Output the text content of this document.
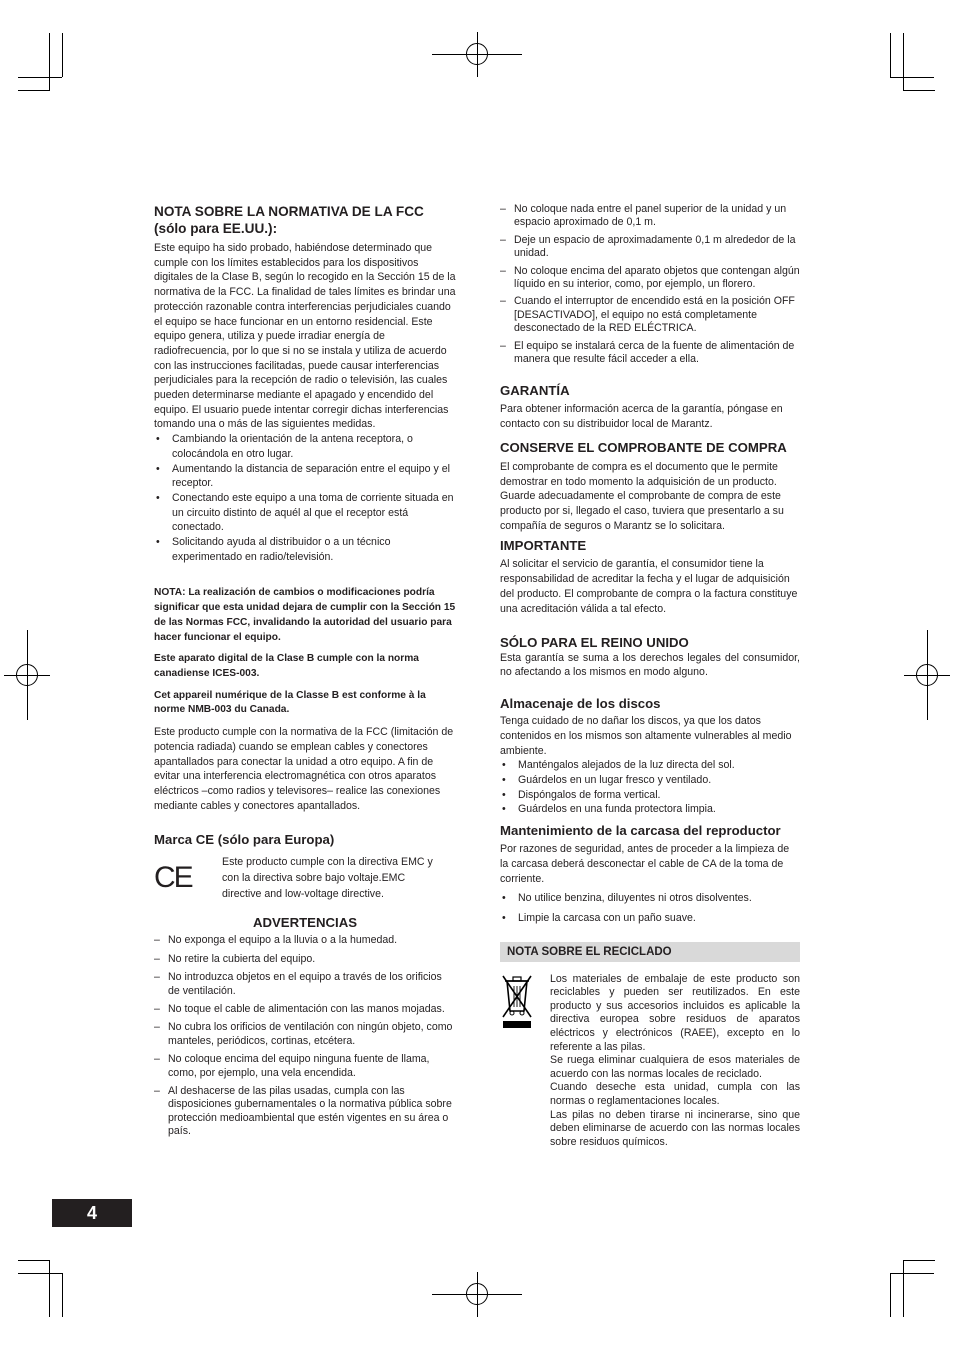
NOTA SOBRE LA NORMATIVA DE LA FCC (sólo para EE.UU.):

Este equipo ha sido probado, habiéndose determinado que cumple con los límites establecidos para los dispositivos digitales de la Clase B, según lo recogido en la Sección 15 de la normativa de la FCC. La finalidad de tales límites es brindar una protección razonable contra interferencias perjudiciales cuando el equipo se hace funcionar en un entorno residencial. Este equipo genera, utiliza y puede irradiar energía de radiofrecuencia, por lo que si no se instala y utiliza de acuerdo con las instrucciones facilitadas, puede causar interferencias perjudiciales para la recepción de radio o televisión, las cuales pueden determinarse mediante el apagado y encendido del equipo. El usuario puede intentar corregir dichas interferencias tomando una o más de las siguientes medidas.

• Cambiando la orientación de la antena receptora, o colocándola en otro lugar.
• Aumentando la distancia de separación entre el equipo y el receptor.
• Conectando este equipo a una toma de corriente situada en un circuito distinto de aquél al que el receptor está conectado.
• Solicitando ayuda al distribuidor o a un técnico experimentado en radio/televisión.

NOTA: La realización de cambios o modificaciones podría significar que esta unidad dejara de cumplir con la Sección 15 de las Normas FCC, invalidando la autoridad del usuario para hacer funcionar el equipo.

Este aparato digital de la Clase B cumple con la norma canadiense ICES-003.

Cet appareil numérique de la Classe B est conforme à la norme NMB-003 du Canada.

Este producto cumple con la normativa de la FCC (limitación de potencia radiada) cuando se emplean cables y conectores apantallados para conectar la unidad a otro equipo. A fin de evitar una interferencia electromagnética con otros aparatos eléctricos –como radios y televisores– realice las conexiones mediante cables y conectores apantallados.

Marca CE (sólo para Europa)
CE	Este producto cumple con la directiva EMC y con la directiva sobre bajo voltaje.EMC directive and low-voltage directive.

ADVERTENCIAS
– No exponga el equipo a la lluvia o a la humedad.
– No retire la cubierta del equipo.
– No introduzca objetos en el equipo a través de los orificios de ventilación.
– No toque el cable de alimentación con las manos mojadas.
– No cubra los orificios de ventilación con ningún objeto, como manteles, periódicos, cortinas, etcétera.
– No coloque encima del equipo ninguna fuente de llama, como, por ejemplo, una vela encendida.
– Al deshacerse de las pilas usadas, cumpla con las disposiciones gubernamentales o la normativa pública sobre protección medioambiental que estén vigentes en su área o país.
– No coloque nada entre el panel superior de la unidad y un espacio aproximado de 0,1 m.
– Deje un espacio de aproximadamente 0,1 m alrededor de la unidad.
– No coloque encima del aparato objetos que contengan algún líquido en su interior, como, por ejemplo, un florero.
– Cuando el interruptor de encendido está en la posición OFF [DESACTIVADO], el equipo no está completamente desconectado de la RED ELÉCTRICA.
– El equipo se instalará cerca de la fuente de alimentación de manera que resulte fácil acceder a ella.
GARANTÍA

Para obtener información acerca de la garantía, póngase en contacto con su distribuidor local de Marantz.

CONSERVE EL COMPROBANTE DE COMPRA

El comprobante de compra es el documento que le permite demostrar en todo momento la adquisición de un producto. Guarde adecuadamente el comprobante de compra de este producto por si, llegado el caso, tuviera que presentarlo a su compañía de seguros o Marantz se lo solicitara.

IMPORTANTE

Al solicitar el servicio de garantía, el consumidor tiene la responsabilidad de acreditar la fecha y el lugar de adquisición del producto. El comprobante de compra o la factura constituye una acreditación válida a tal efecto.

SÓLO PARA EL REINO UNIDO

Esta garantía se suma a los derechos legales del consumidor, no afectando a los mismos en modo alguno.

Almacenaje de los discos

Tenga cuidado de no dañar los discos, ya que los datos contenidos en los mismos son altamente vulnerables al medio ambiente.

• Manténgalos alejados de la luz directa del sol.
• Guárdelos en un lugar fresco y ventilado.
• Dispóngalos de forma vertical.
• Guárdelos en una funda protectora limpia.
Mantenimiento de la carcasa del reproductor

Por razones de seguridad, antes de proceder a la limpieza de la carcasa deberá desconectar el cable de CA de la toma de corriente.

• No utilice benzina, diluyentes ni otros disolventes.
• Limpie la carcasa con un paño suave.
NOTA SOBRE EL RECICLADO

Los materiales de embalaje de este producto son reciclables y pueden ser reutilizados. En este producto y sus accesorios incluidos es aplicable la directiva europea sobre residuos de aparatos eléctricos y electrónicos (RAEE), excepto en lo referente a las pilas.

Se ruega eliminar cualquiera de esos materiales de acuerdo con las normas locales de reciclado.

Cuando deseche esta unidad, cumpla con las normas o reglamentaciones locales.

Las pilas no deben tirarse ni incinerarse, sino que deben eliminarse de acuerdo con las normas locales sobre residuos químicos.

4
